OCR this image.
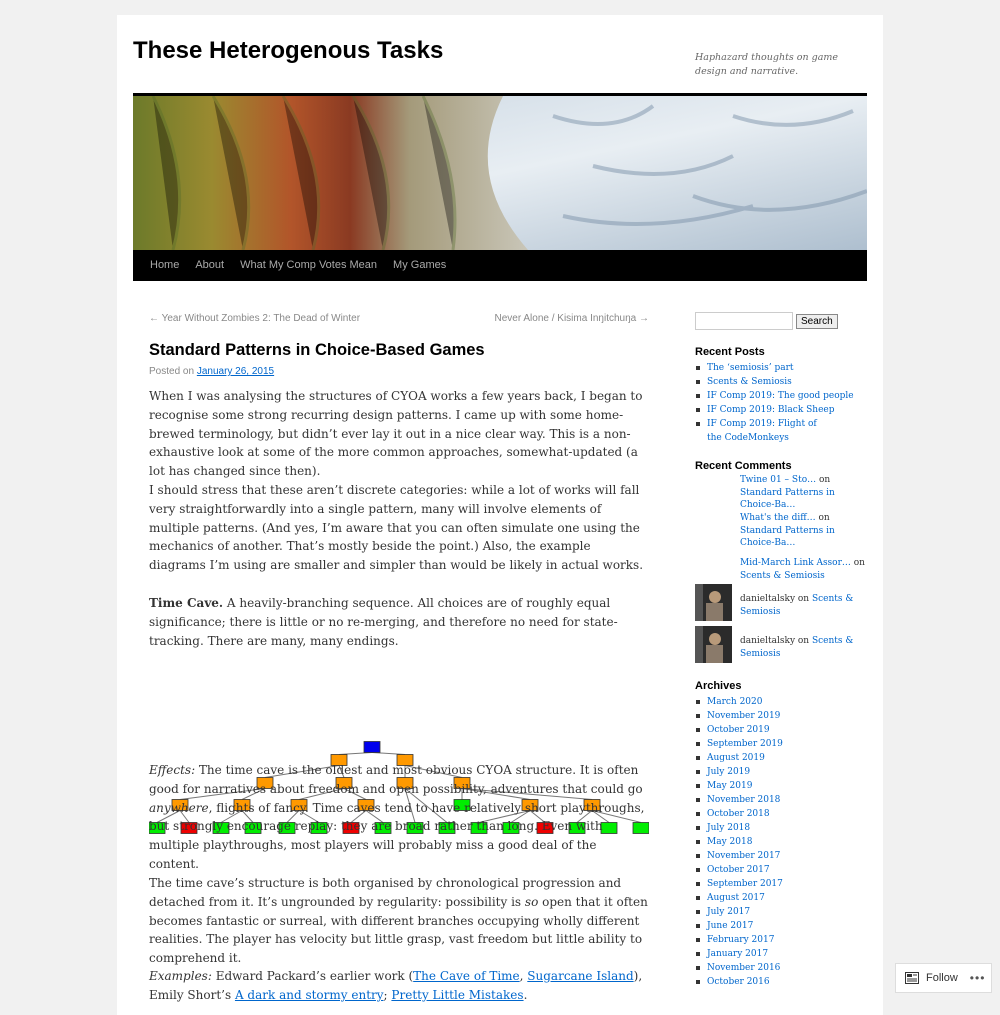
These Heterogenous Tasks	Haphazard thoughts on game design and narrative.
Home About What My Comp Votes Mean My Games
← Year Without Zombies 2: The Dead of Winter	Never Alone / Kisima Inŋitchuŋa →
Standard Patterns in Choice-Based Games
Posted on January 26, 2015

When I was analysing the structures of CYOA works a few years back, I began to recognise some strong recurring design patterns. I came up with some home-brewed terminology, but didn’t ever lay it out in a nice clear way. This is a non-exhaustive look at some of the more common approaches, somewhat-updated (a lot has changed since then).

I should stress that these aren’t discrete categories: while a lot of works will fall very straightforwardly into a single pattern, many will involve elements of multiple patterns. (And yes, I’m aware that you can often simulate one using the mechanics of another. That’s mostly beside the point.) Also, the example diagrams I’m using are smaller and simpler than would be likely in actual works.

Time Cave. A heavily-branching sequence. All choices are of roughly equal significance; there is little or no re-merging, and therefore no need for state-tracking. There are many, many endings.

Effects: The time cave is the oldest and most obvious CYOA structure. It is often good for narratives about freedom and open possibility, adventures that could go anywhere, flights of fancy. Time caves tend to have relatively short playthroughs, but strongly encourage replay: they are broad rather than long. Even with multiple playthroughs, most players will probably miss a good deal of the content.

The time cave’s structure is both organised by chronological progression and detached from it. It’s ungrounded by regularity: possibility is so open that it often becomes fantastic or surreal, with different branches occupying wholly different realities. The player has velocity but little grasp, vast freedom but little ability to comprehend it.

Examples: Edward Packard’s earlier work (The Cave of Time, Sugarcane Island), Emily Short’s A dark and stormy entry; Pretty Little Mistakes.

Search
Recent Posts
The ‘semiosis’ part
Scents & Semiosis
IF Comp 2019: The good people
IF Comp 2019: Black Sheep
IF Comp 2019: Flight of the CodeMonkeys
Recent Comments
Twine 01 – Sto… on Standard Patterns in Choice-Ba…
What's the diff… on Standard Patterns in Choice-Ba…
Mid-March Link Assor… on Scents & Semiosis
danieltalsky on Scents & Semiosis
danieltalsky on Scents & Semiosis
Archives
March 2020
November 2019
October 2019
September 2019
August 2019
July 2019
May 2019
November 2018
October 2018
July 2018
May 2018
November 2017
October 2017
September 2017
August 2017
July 2017
June 2017
February 2017
January 2017
November 2016
October 2016	Follow •••
